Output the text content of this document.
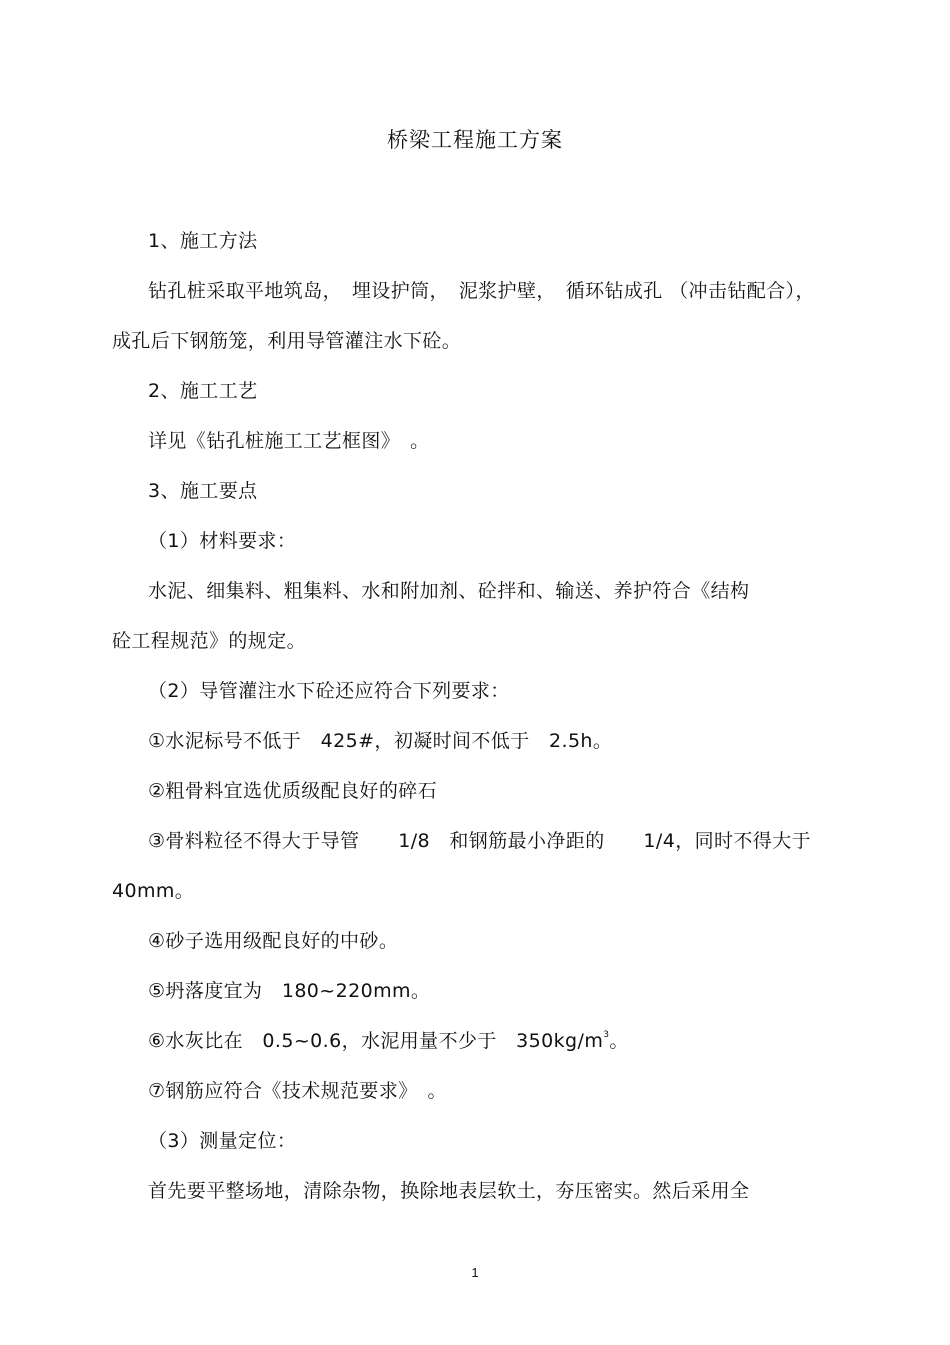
桥梁工程施工方案
1、施工方法
钻孔桩采取平地筑岛，　埋设护筒，　泥浆护壁，　循环钻成孔 （冲击钻配合），
成孔后下钢筋笼，利用导管灌注水下砼。
2、施工工艺
详见《钻孔桩施工工艺框图》　。
3、施工要点
（1）材料要求：
水泥、细集料、粗集料、水和附加剂、砼拌和、输送、养护符合《结构
砼工程规范》的规定。
（2）导管灌注水下砼还应符合下列要求：
①水泥标号不低于　425#，初凝时间不低于　2.5h。
②粗骨料宜选优质级配良好的碎石
③骨料粒径不得大于导管　　1/8　和钢筋最小净距的　　1/4，同时不得大于
40mm。
④砂子选用级配良好的中砂。
⑤坍落度宜为　180~220mm。
⑥水灰比在　0.5~0.6，水泥用量不少于　$350kg/m^3$。
⑦钢筋应符合《技术规范要求》　。
（3）测量定位：
首先要平整场地，清除杂物，换除地表层软土，夯压密实。然后采用全
1
